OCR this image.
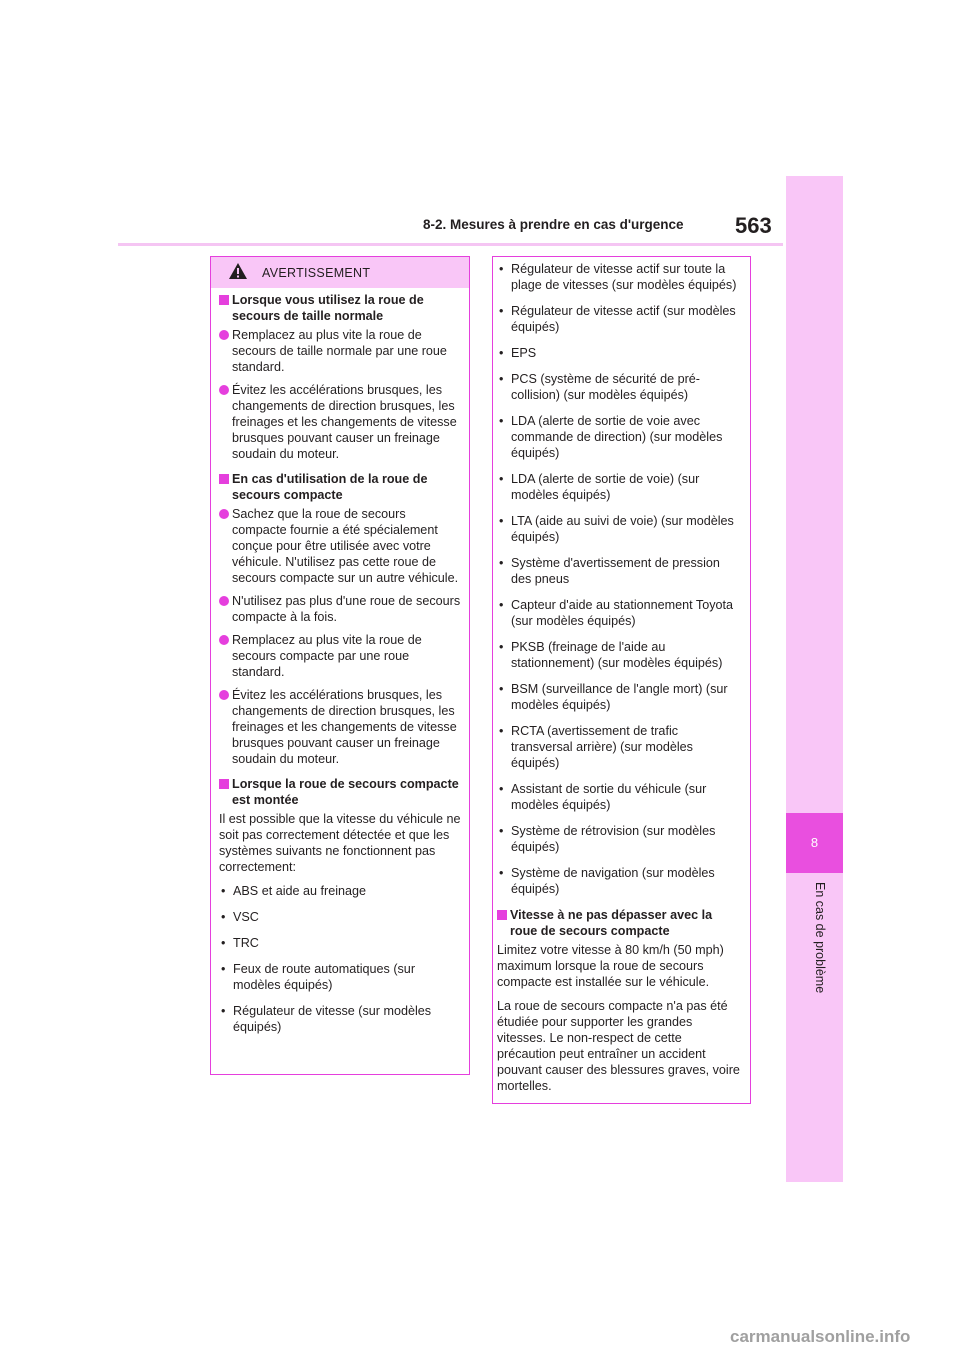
8-2. Mesures à prendre en cas d'urgence 563
8
En cas de problème
AVERTISSEMENT
Lorsque vous utilisez la roue de secours de taille normale
Remplacez au plus vite la roue de secours de taille normale par une roue standard.
Évitez les accélérations brusques, les changements de direction brusques, les freinages et les changements de vitesse brusques pouvant causer un freinage soudain du moteur.
En cas d'utilisation de la roue de secours compacte
Sachez que la roue de secours compacte fournie a été spécialement conçue pour être utilisée avec votre véhicule. N'utilisez pas cette roue de secours compacte sur un autre véhicule.
N'utilisez pas plus d'une roue de secours compacte à la fois.
Remplacez au plus vite la roue de secours compacte par une roue standard.
Évitez les accélérations brusques, les changements de direction brusques, les freinages et les changements de vitesse brusques pouvant causer un freinage soudain du moteur.
Lorsque la roue de secours compacte est montée
Il est possible que la vitesse du véhicule ne soit pas correctement détectée et que les systèmes suivants ne fonctionnent pas correctement:
• ABS et aide au freinage
• VSC
• TRC
• Feux de route automatiques (sur modèles équipés)
• Régulateur de vitesse (sur modèles équipés)
• Régulateur de vitesse actif sur toute la plage de vitesses (sur modèles équipés)
• Régulateur de vitesse actif (sur modèles équipés)
• EPS
• PCS (système de sécurité de pré-collision) (sur modèles équipés)
• LDA (alerte de sortie de voie avec commande de direction) (sur modèles équipés)
• LDA (alerte de sortie de voie) (sur modèles équipés)
• LTA (aide au suivi de voie) (sur modèles équipés)
• Système d'avertissement de pression des pneus
• Capteur d'aide au stationnement Toyota (sur modèles équipés)
• PKSB (freinage de l'aide au stationnement) (sur modèles équipés)
• BSM (surveillance de l'angle mort) (sur modèles équipés)
• RCTA (avertissement de trafic transversal arrière) (sur modèles équipés)
• Assistant de sortie du véhicule (sur modèles équipés)
• Système de rétrovision (sur modèles équipés)
• Système de navigation (sur modèles équipés)
Vitesse à ne pas dépasser avec la roue de secours compacte
Limitez votre vitesse à 80 km/h (50 mph) maximum lorsque la roue de secours compacte est installée sur le véhicule.
La roue de secours compacte n'a pas été étudiée pour supporter les grandes vitesses. Le non-respect de cette précaution peut entraîner un accident pouvant causer des blessures graves, voire mortelles.
carmanualsonline.info
